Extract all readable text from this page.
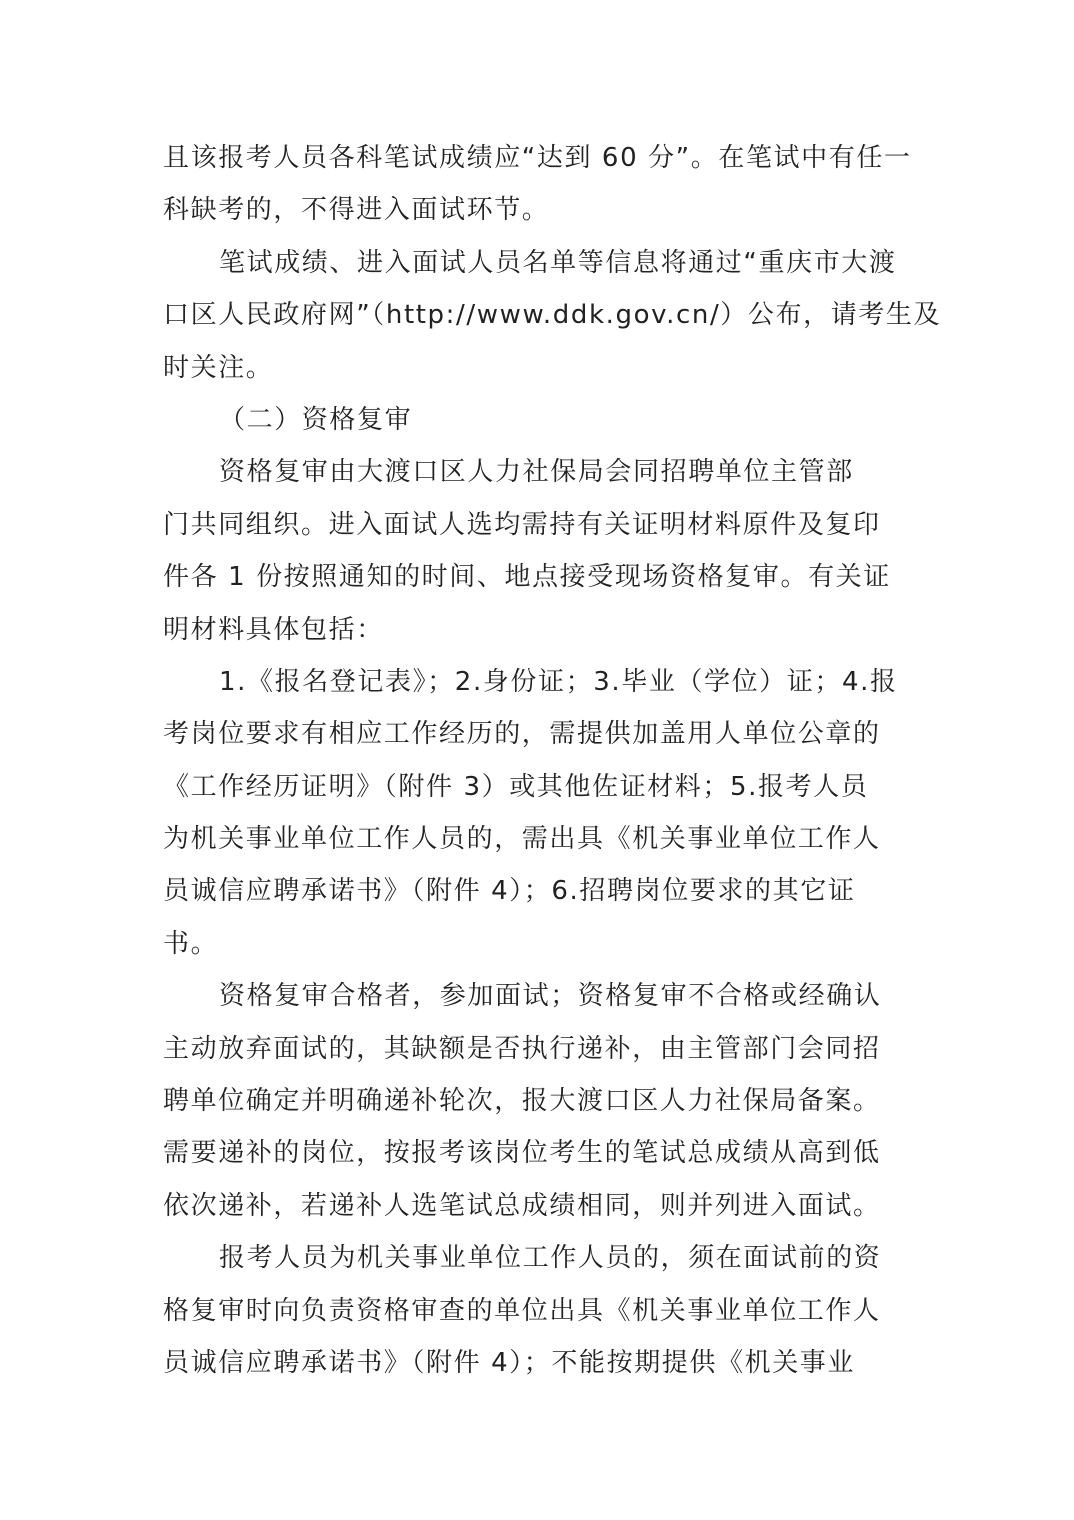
且该报考人员各科笔试成绩应“达到 60 分”。在笔试中有任一
科缺考的，不得进入面试环节。
笔试成绩、进入面试人员名单等信息将通过“重庆市大渡
口区人民政府网”（http://www.ddk.gov.cn/）公布，请考生及
时关注。
（二）资格复审
资格复审由大渡口区人力社保局会同招聘单位主管部
门共同组织。进入面试人选均需持有关证明材料原件及复印
件各 1 份按照通知的时间、地点接受现场资格复审。有关证
明材料具体包括：
1.《报名登记表》；2.身份证；3.毕业（学位）证；4.报
考岗位要求有相应工作经历的，需提供加盖用人单位公章的
《工作经历证明》（附件 3）或其他佐证材料；5.报考人员
为机关事业单位工作人员的，需出具《机关事业单位工作人
员诚信应聘承诺书》（附件 4）；6.招聘岗位要求的其它证
书。
资格复审合格者，参加面试；资格复审不合格或经确认
主动放弃面试的，其缺额是否执行递补，由主管部门会同招
聘单位确定并明确递补轮次，报大渡口区人力社保局备案。
需要递补的岗位，按报考该岗位考生的笔试总成绩从高到低
依次递补，若递补人选笔试总成绩相同，则并列进入面试。
报考人员为机关事业单位工作人员的，须在面试前的资
格复审时向负责资格审查的单位出具《机关事业单位工作人
员诚信应聘承诺书》（附件 4）；不能按期提供《机关事业
